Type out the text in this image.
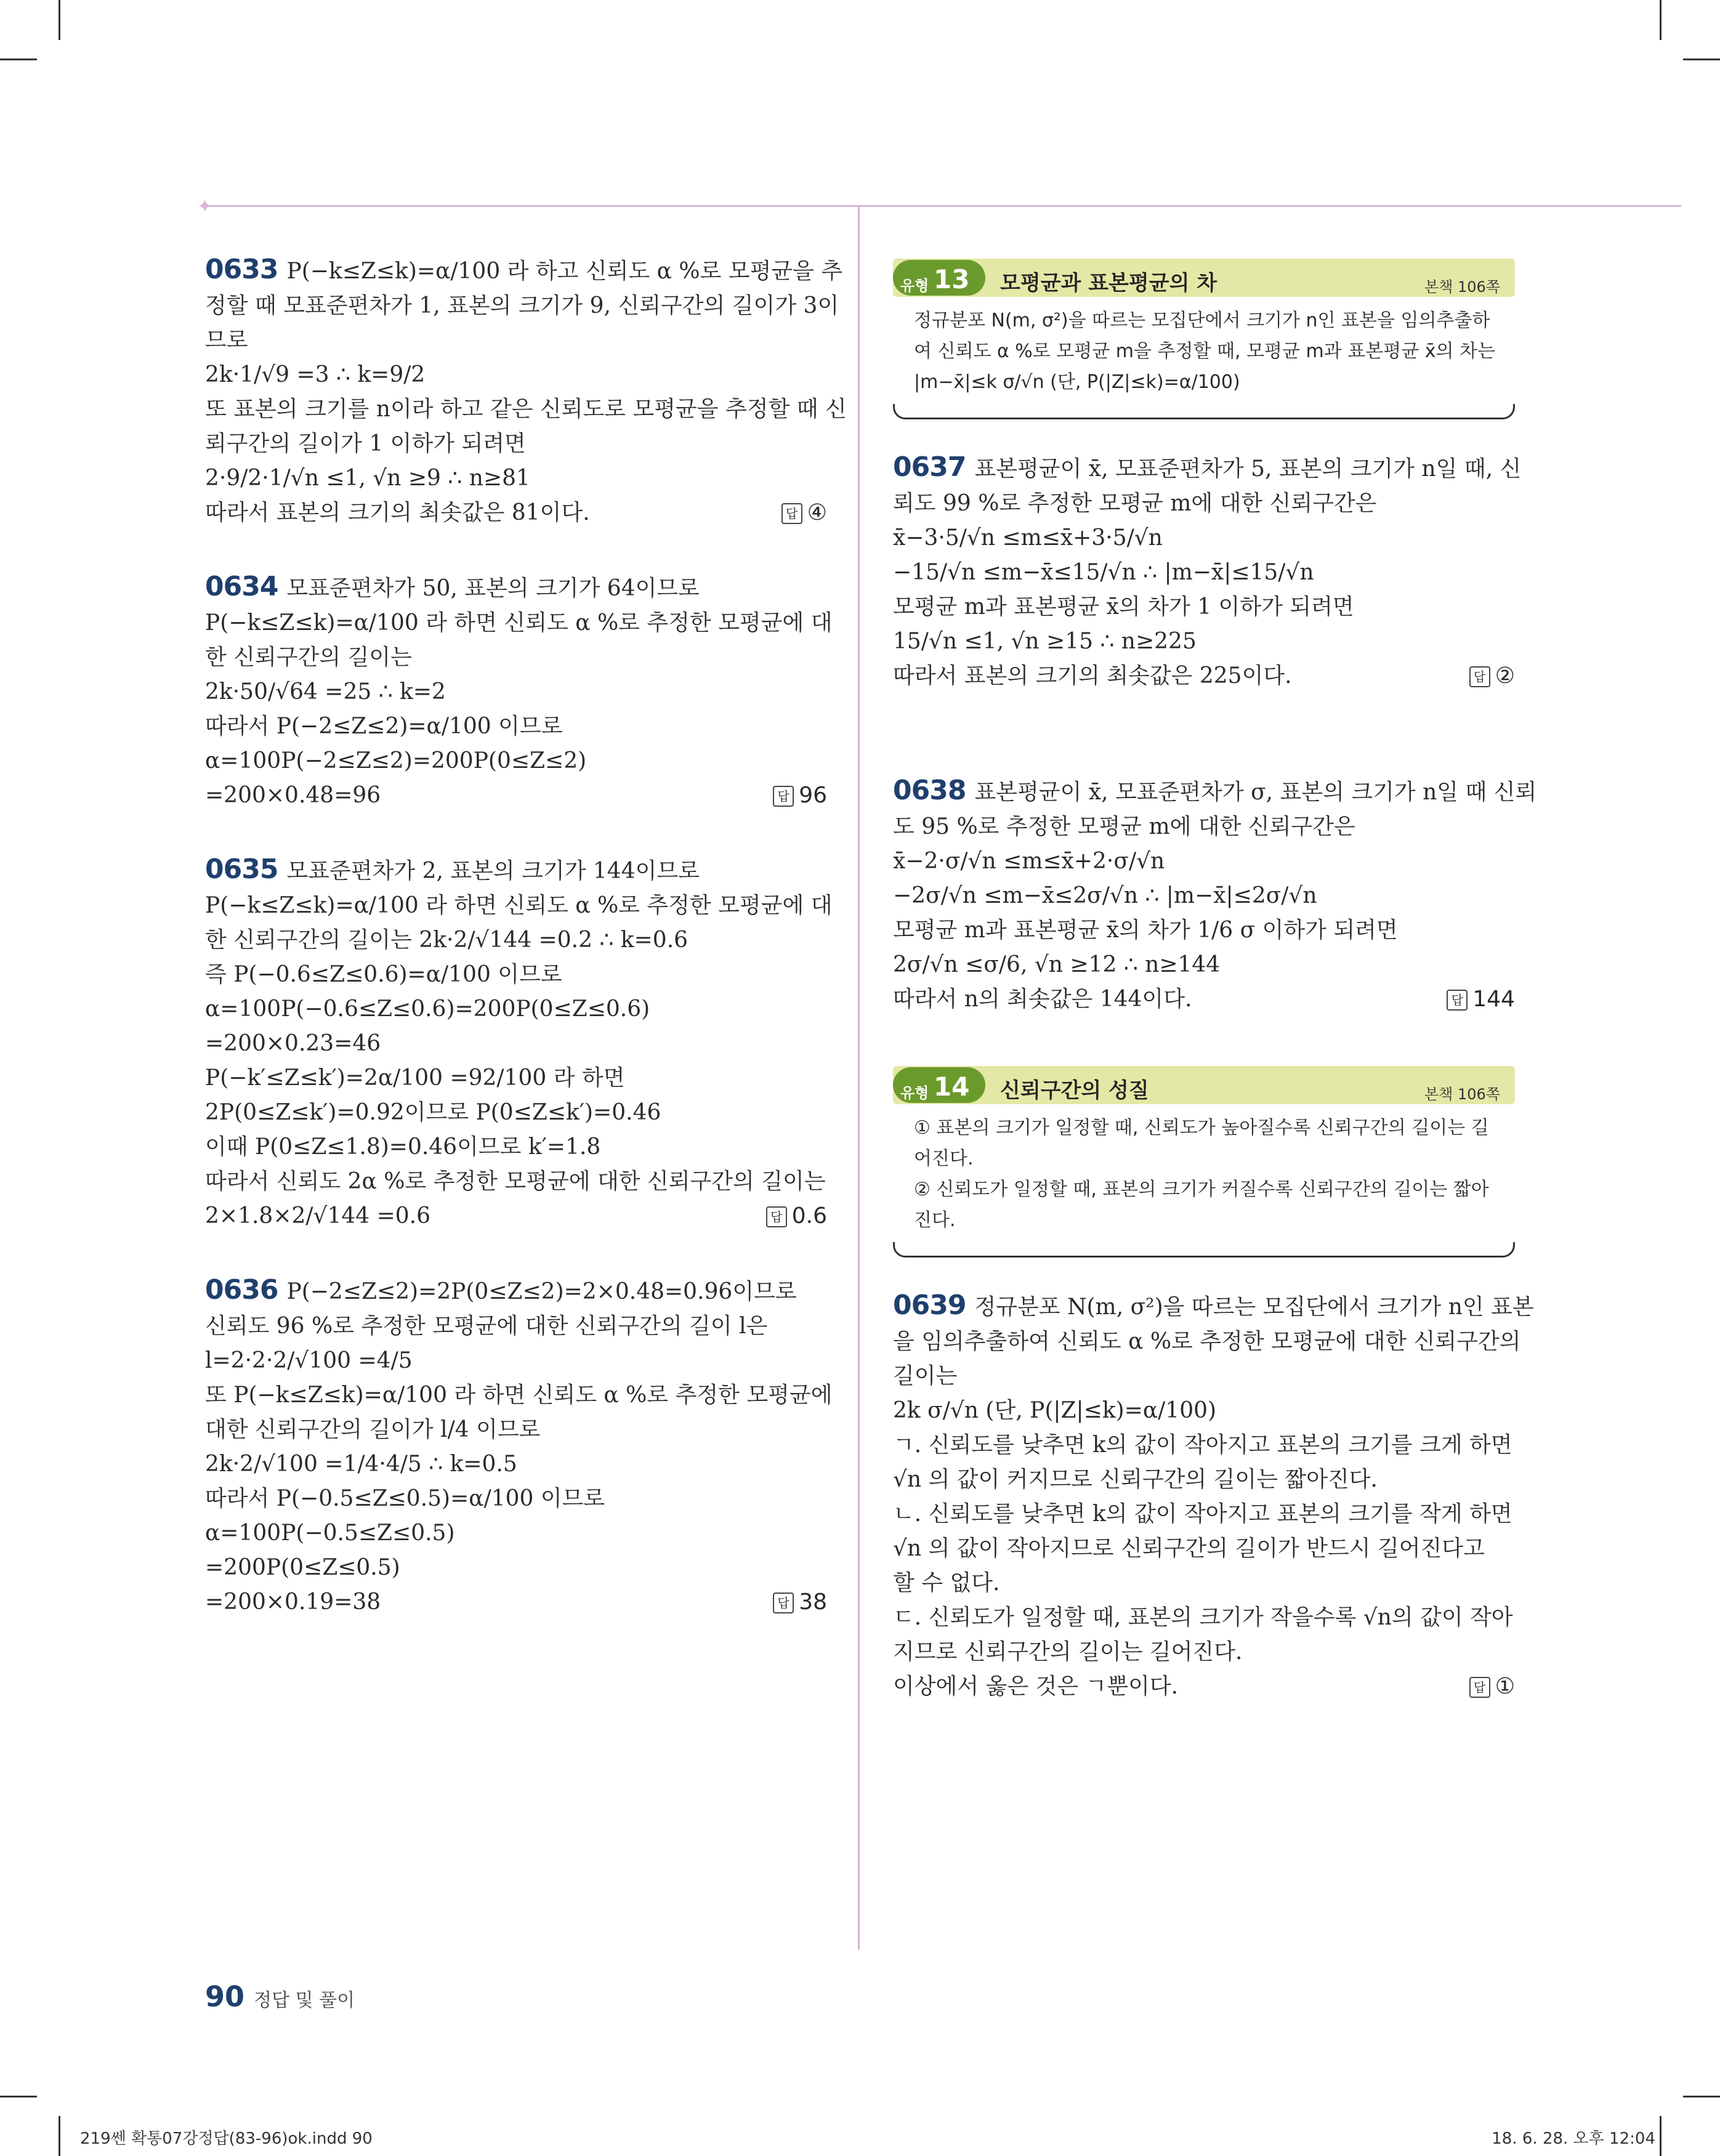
✦
0633 P(−k≤Z≤k)=α/100 라 하고 신뢰도 α %로 모평균을 추
정할 때 모표준편차가 1, 표본의 크기가 9, 신뢰구간의 길이가 3이
므로
2k·1/√9 =3 ∴ k=9/2
또 표본의 크기를 n이라 하고 같은 신뢰도로 모평균을 추정할 때 신
뢰구간의 길이가 1 이하가 되려면
2·9/2·1/√n ≤1, √n ≥9 ∴ n≥81
따라서 표본의 크기의 최솟값은 81이다.	답 ④
0634 모표준편차가 50, 표본의 크기가 64이므로
P(−k≤Z≤k)=α/100 라 하면 신뢰도 α %로 추정한 모평균에 대
한 신뢰구간의 길이는
2k·50/√64 =25 ∴ k=2
따라서 P(−2≤Z≤2)=α/100 이므로
α=100P(−2≤Z≤2)=200P(0≤Z≤2)
=200×0.48=96	답 96
0635 모표준편차가 2, 표본의 크기가 144이므로
P(−k≤Z≤k)=α/100 라 하면 신뢰도 α %로 추정한 모평균에 대
한 신뢰구간의 길이는 2k·2/√144 =0.2 ∴ k=0.6
즉 P(−0.6≤Z≤0.6)=α/100 이므로
α=100P(−0.6≤Z≤0.6)=200P(0≤Z≤0.6)
=200×0.23=46
P(−k′≤Z≤k′)=2α/100 =92/100 라 하면
2P(0≤Z≤k′)=0.92이므로 P(0≤Z≤k′)=0.46
이때 P(0≤Z≤1.8)=0.46이므로 k′=1.8
따라서 신뢰도 2α %로 추정한 모평균에 대한 신뢰구간의 길이는
2×1.8×2/√144 =0.6	답 0.6
0636 P(−2≤Z≤2)=2P(0≤Z≤2)=2×0.48=0.96이므로
신뢰도 96 %로 추정한 모평균에 대한 신뢰구간의 길이 l은
l=2·2·2/√100 =4/5
또 P(−k≤Z≤k)=α/100 라 하면 신뢰도 α %로 추정한 모평균에
대한 신뢰구간의 길이가 l/4 이므로
2k·2/√100 =1/4·4/5 ∴ k=0.5
따라서 P(−0.5≤Z≤0.5)=α/100 이므로
α=100P(−0.5≤Z≤0.5)
=200P(0≤Z≤0.5)
=200×0.19=38	답 38
유형 13 모평균과 표본평균의 차	본책 106쪽
정규분포 N(m, σ²)을 따르는 모집단에서 크기가 n인 표본을 임의추출하
여 신뢰도 α %로 모평균 m을 추정할 때, 모평균 m과 표본평균 x̄의 차는
|m−x̄|≤k σ/√n (단, P(|Z|≤k)=α/100)
0637 표본평균이 x̄, 모표준편차가 5, 표본의 크기가 n일 때, 신
뢰도 99 %로 추정한 모평균 m에 대한 신뢰구간은
x̄−3·5/√n ≤m≤x̄+3·5/√n
−15/√n ≤m−x̄≤15/√n ∴ |m−x̄|≤15/√n
모평균 m과 표본평균 x̄의 차가 1 이하가 되려면
15/√n ≤1, √n ≥15 ∴ n≥225
따라서 표본의 크기의 최솟값은 225이다.	답 ②
0638 표본평균이 x̄, 모표준편차가 σ, 표본의 크기가 n일 때 신뢰
도 95 %로 추정한 모평균 m에 대한 신뢰구간은
x̄−2·σ/√n ≤m≤x̄+2·σ/√n
−2σ/√n ≤m−x̄≤2σ/√n ∴ |m−x̄|≤2σ/√n
모평균 m과 표본평균 x̄의 차가 1/6 σ 이하가 되려면
2σ/√n ≤σ/6, √n ≥12 ∴ n≥144
따라서 n의 최솟값은 144이다.	답 144
유형 14 신뢰구간의 성질	본책 106쪽
① 표본의 크기가 일정할 때, 신뢰도가 높아질수록 신뢰구간의 길이는 길
어진다.
② 신뢰도가 일정할 때, 표본의 크기가 커질수록 신뢰구간의 길이는 짧아
진다.
0639 정규분포 N(m, σ²)을 따르는 모집단에서 크기가 n인 표본
을 임의추출하여 신뢰도 α %로 추정한 모평균에 대한 신뢰구간의
길이는
2k σ/√n (단, P(|Z|≤k)=α/100)
ㄱ. 신뢰도를 낮추면 k의 값이 작아지고 표본의 크기를 크게 하면
√n 의 값이 커지므로 신뢰구간의 길이는 짧아진다.
ㄴ. 신뢰도를 낮추면 k의 값이 작아지고 표본의 크기를 작게 하면
√n 의 값이 작아지므로 신뢰구간의 길이가 반드시 길어진다고
할 수 없다.
ㄷ. 신뢰도가 일정할 때, 표본의 크기가 작을수록 √n의 값이 작아
지므로 신뢰구간의 길이는 길어진다.
이상에서 옳은 것은 ㄱ뿐이다.	답 ①
90 정답 및 풀이
219쎈 확통07강정답(83-96)ok.indd 90	18. 6. 28. 오후 12:04
